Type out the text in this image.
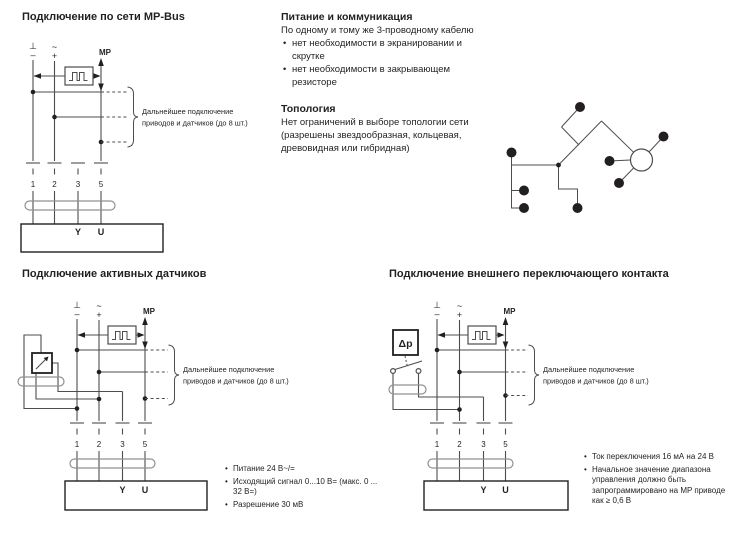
Подключение по сети MP-Bus
Подключение активных датчиков	Подключение внешнего переключающего контакта
Питание и коммуникация

По одному и тому же 3-проводному кабелю

• нет необходимости в экранировании и скрутке
• нет необходимости в закрывающем резисторе
Топология

Нет ограничений в выборе топологии сети (разрешены звездообразная, кольцевая, древовидная или гибридная)

⊥
–
~
+	MP
Дальнейшее подключение
приводов и датчиков (до 8 шт.)
1 2 3 5
Y U
⊥
–
~
+	MP
Дальнейшее подключение
приводов и датчиков (до 8 шт.)
1 2 3 5
Y U
⊥
–
~
+	MP
Δp
Дальнейшее подключение
приводов и датчиков (до 8 шт.)
1 2 3 5
Y U
• Питание 24 В~/=
• Исходящий сигнал 0...10 В= (макс. 0 ... 32 В=)
• Разрешение 30 мВ
• Ток переключения 16 мА на 24 В
• Начальное значение диапазона управления должно быть запрограммировано на MP приводе как ≥ 0,6 В
